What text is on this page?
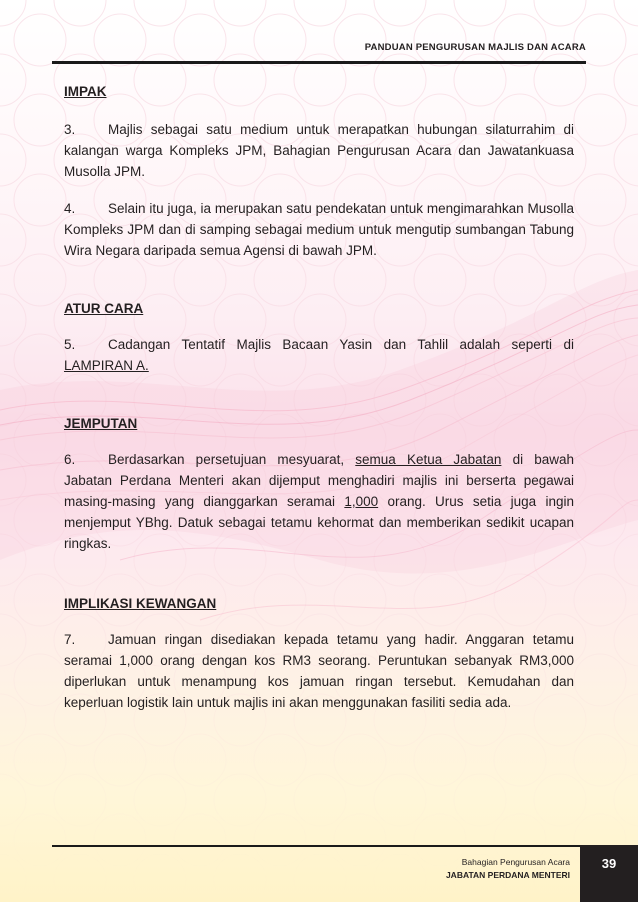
PANDUAN PENGURUSAN MAJLIS DAN ACARA

IMPAK

3. Majlis sebagai satu medium untuk merapatkan hubungan silaturrahim di kalangan warga Kompleks JPM, Bahagian Pengurusan Acara dan Jawatankuasa Musolla JPM.

4. Selain itu juga, ia merupakan satu pendekatan untuk mengimarahkan Musolla Kompleks JPM dan di samping sebagai medium untuk mengutip sumbangan Tabung Wira Negara daripada semua Agensi di bawah JPM.

ATUR CARA

5. Cadangan Tentatif Majlis Bacaan Yasin dan Tahlil adalah seperti di LAMPIRAN A.

JEMPUTAN

6. Berdasarkan persetujuan mesyuarat, semua Ketua Jabatan di bawah Jabatan Perdana Menteri akan dijemput menghadiri majlis ini berserta pegawai masing-masing yang dianggarkan seramai 1,000 orang. Urus setia juga ingin menjemput YBhg. Datuk sebagai tetamu kehormat dan memberikan sedikit ucapan ringkas.

IMPLIKASI KEWANGAN

7. Jamuan ringan disediakan kepada tetamu yang hadir. Anggaran tetamu seramai 1,000 orang dengan kos RM3 seorang. Peruntukan sebanyak RM3,000 diperlukan untuk menampung kos jamuan ringan tersebut. Kemudahan dan keperluan logistik lain untuk majlis ini akan menggunakan fasiliti sedia ada.

Bahagian Pengurusan Acara
JABATAN PERDANA MENTERI
39
